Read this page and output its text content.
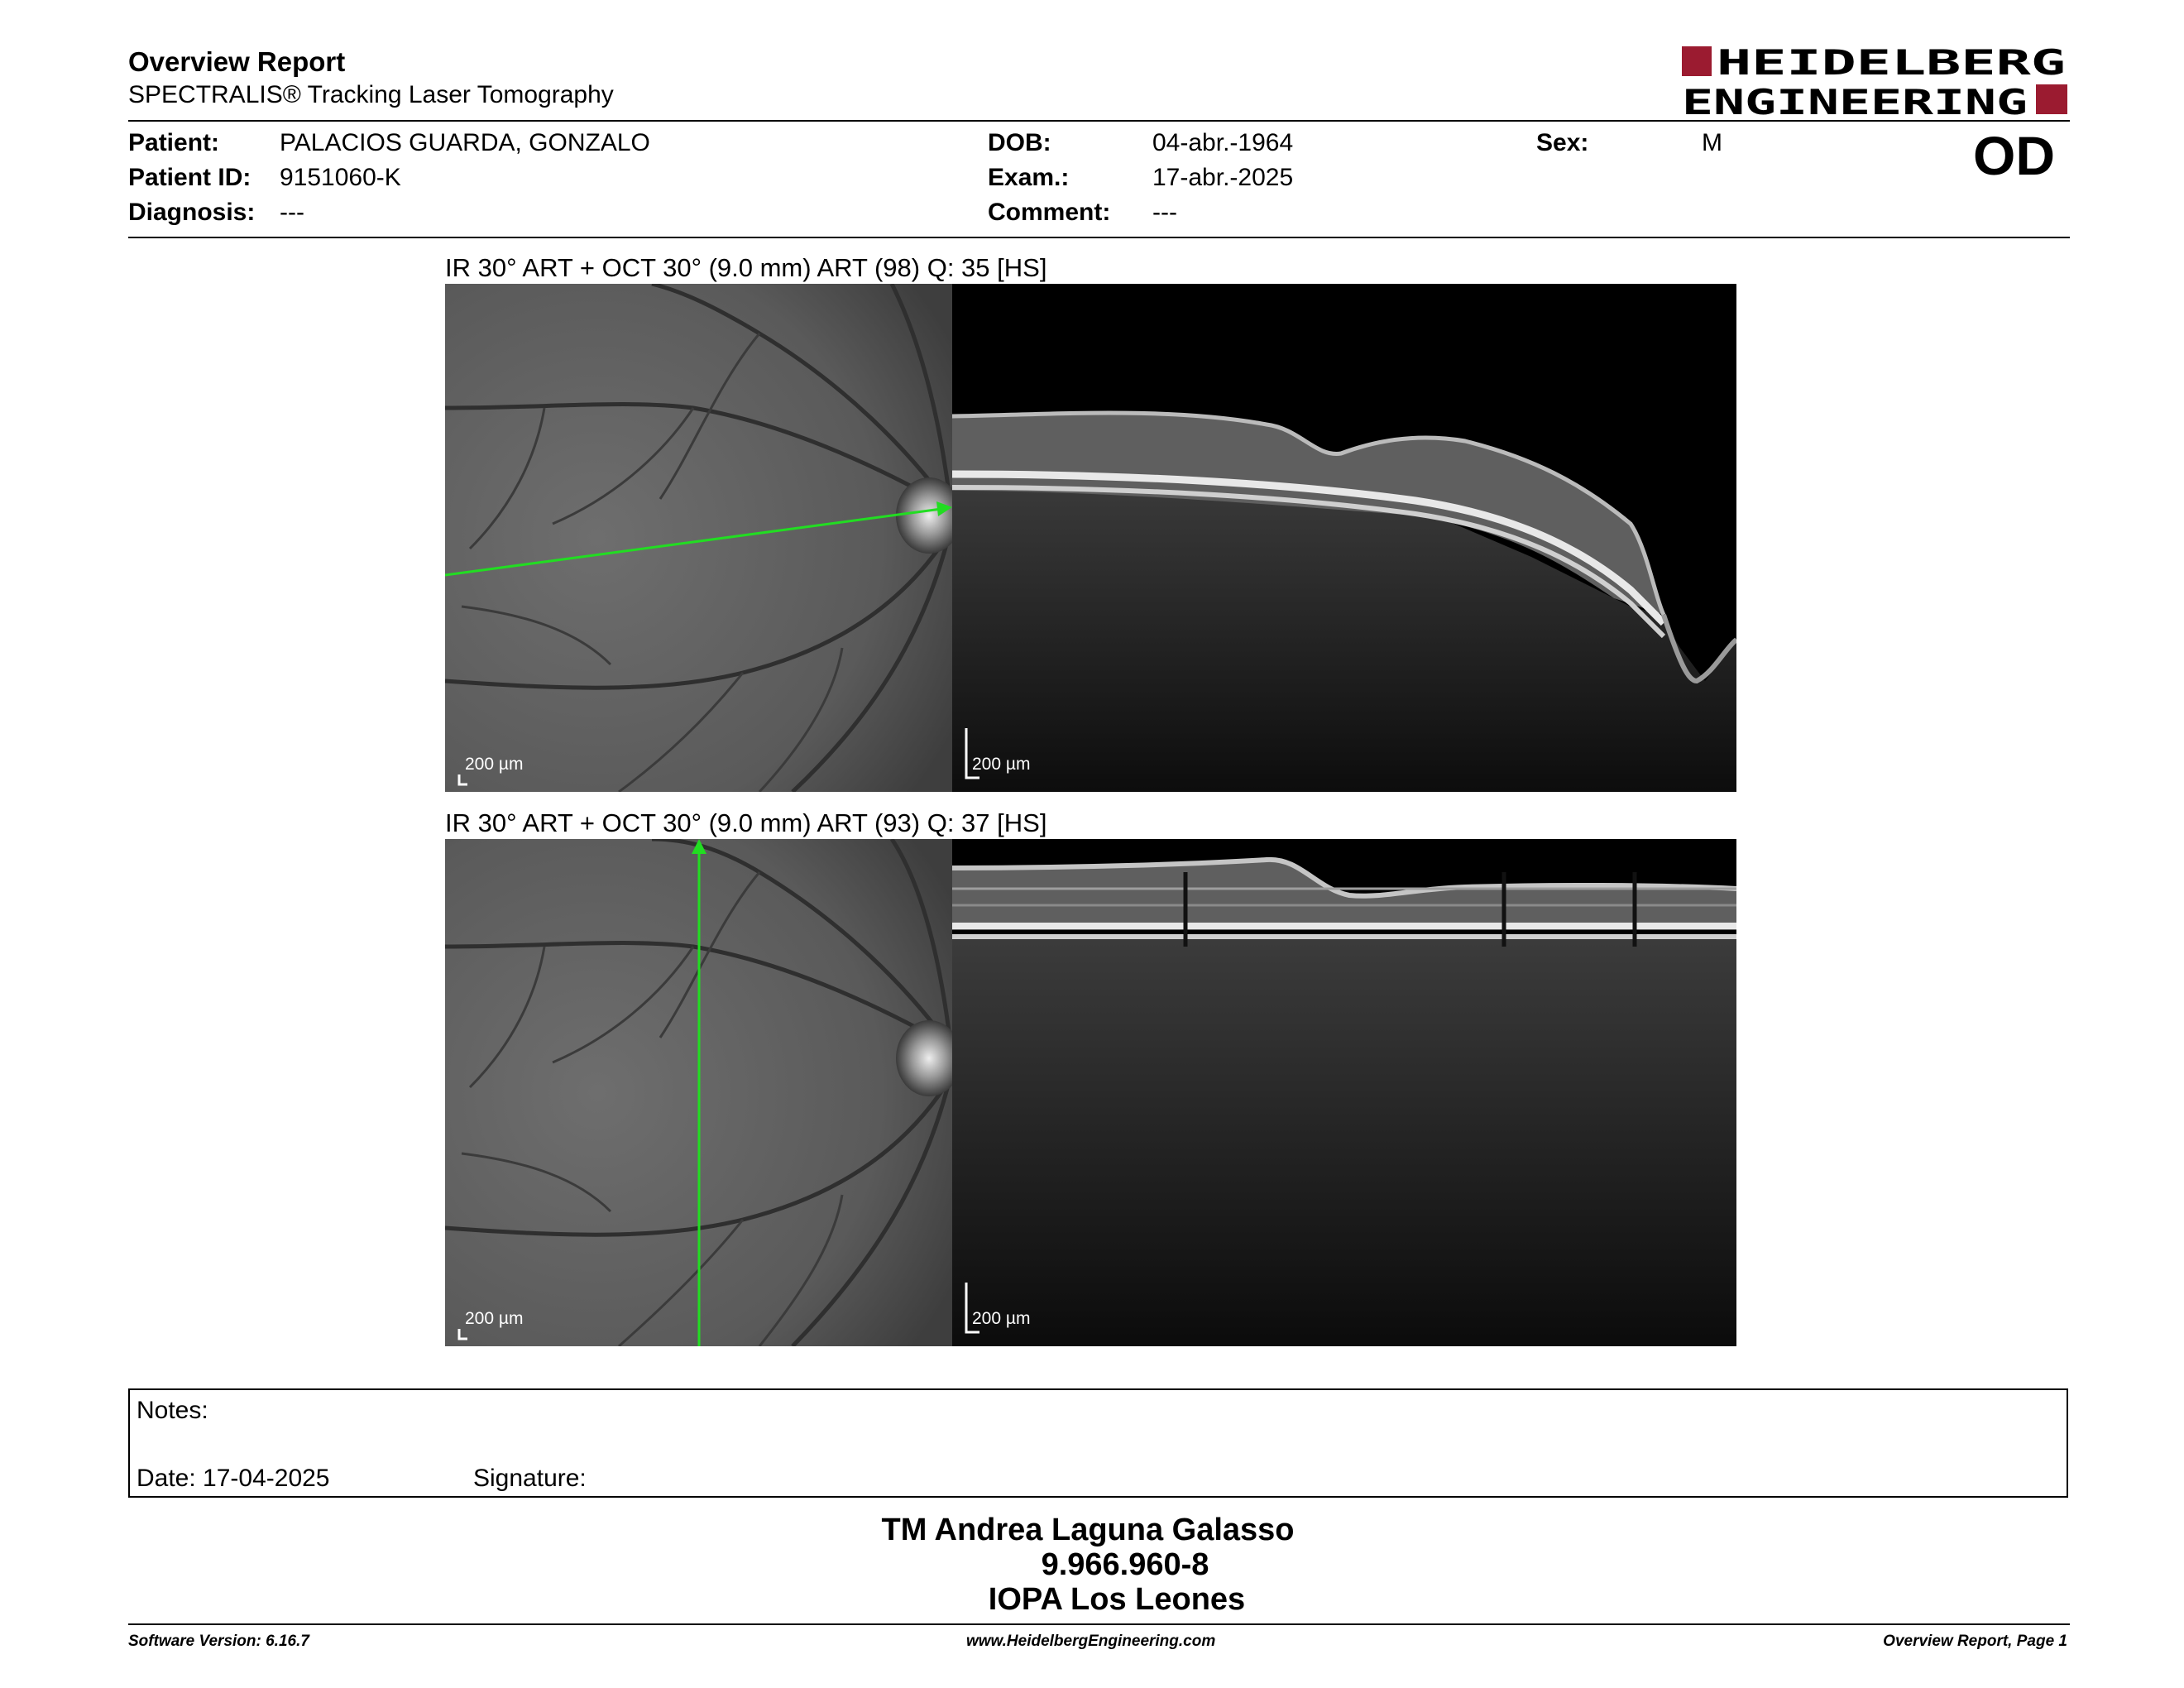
Overview Report
SPECTRALIS® Tracking Laser Tomography
HEIDELBERG
ENGINEERING
Patient: PALACIOS GUARDA, GONZALO
Patient ID: 9151060-K
Diagnosis: ---
DOB:	04-abr.-1964
Exam.:	17-abr.-2025
Comment: ---
Sex:	M	OD
IR 30° ART + OCT 30° (9.0 mm) ART (98) Q: 35 [HS]
200 µm	200 µm
IR 30° ART + OCT 30° (9.0 mm) ART (93) Q: 37 [HS]
200 µm	200 µm
Notes:
Date: 17-04-2025	Signature:
TM Andrea Laguna Galasso
9.966.960-8
IOPA Los Leones
Software Version: 6.16.7	www.HeidelbergEngineering.com	Overview Report, Page 1
